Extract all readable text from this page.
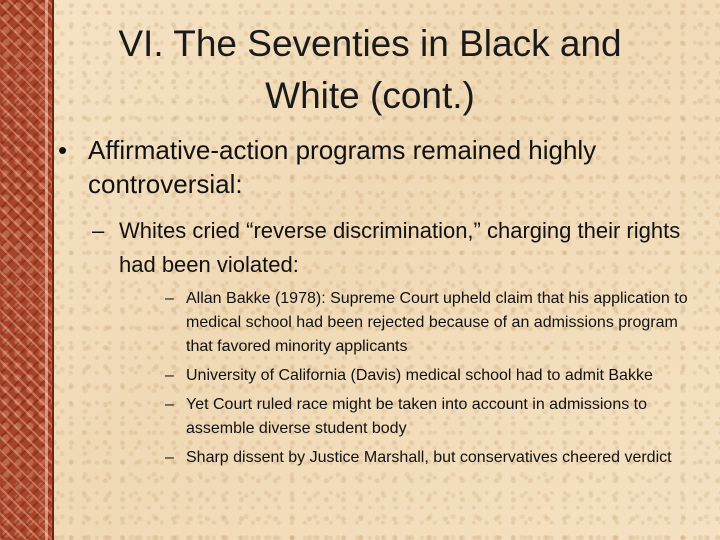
VI. The Seventies in Black and White (cont.)
• Affirmative-action programs remained highly controversial:
– Whites cried “reverse discrimination,” charging their rights had been violated:
– Allan Bakke (1978): Supreme Court upheld claim that his application to medical school had been rejected because of an admissions program that favored minority applicants
– University of California (Davis) medical school had to admit Bakke
– Yet Court ruled race might be taken into account in admissions to assemble diverse student body
– Sharp dissent by Justice Marshall, but conservatives cheered verdict
